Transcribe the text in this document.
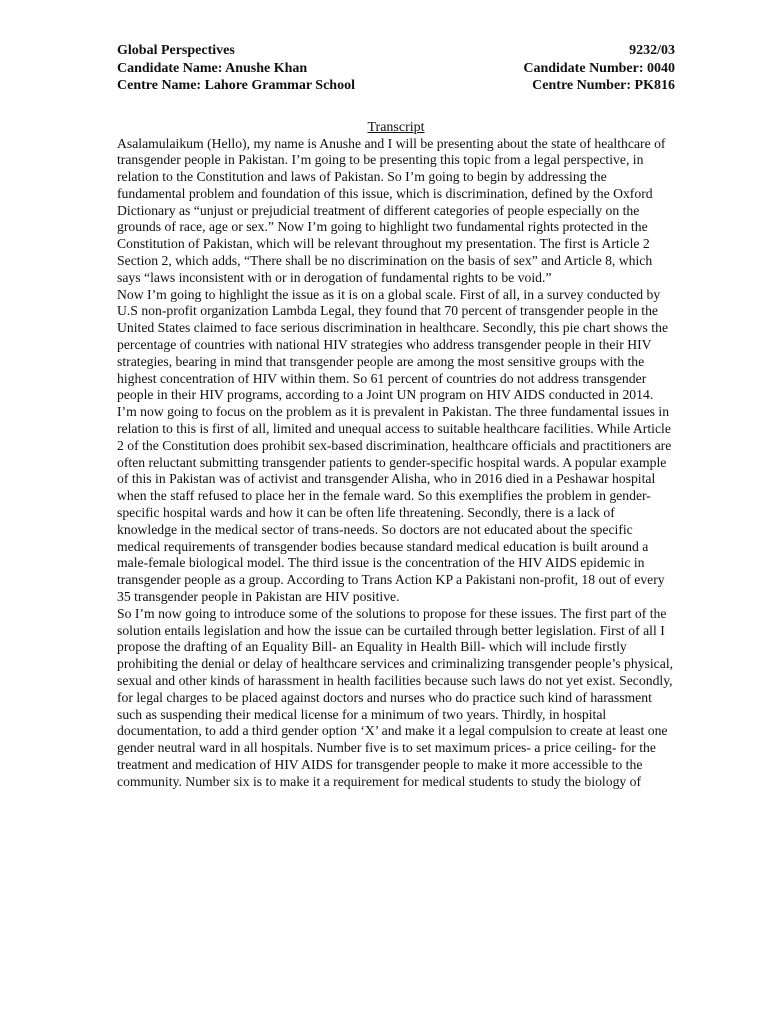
Global Perspectives	9232/03
Candidate Name: Anushe Khan	Candidate Number: 0040
Centre Name: Lahore Grammar School	Centre Number: PK816
Transcript

Asalamulaikum (Hello), my name is Anushe and I will be presenting about the state of healthcare of transgender people in Pakistan. I’m going to be presenting this topic from a legal perspective, in relation to the Constitution and laws of Pakistan. So I’m going to begin by addressing the fundamental problem and foundation of this issue, which is discrimination, defined by the Oxford Dictionary as “unjust or prejudicial treatment of different categories of people especially on the grounds of race, age or sex.” Now I’m going to highlight two fundamental rights protected in the Constitution of Pakistan, which will be relevant throughout my presentation. The first is Article 2 Section 2, which adds, “There shall be no discrimination on the basis of sex” and Article 8, which says “laws inconsistent with or in derogation of fundamental rights to be void.”

Now I’m going to highlight the issue as it is on a global scale. First of all, in a survey conducted by U.S non-profit organization Lambda Legal, they found that 70 percent of transgender people in the United States claimed to face serious discrimination in healthcare. Secondly, this pie chart shows the percentage of countries with national HIV strategies who address transgender people in their HIV strategies, bearing in mind that transgender people are among the most sensitive groups with the highest concentration of HIV within them. So 61 percent of countries do not address transgender people in their HIV programs, according to a Joint UN program on HIV AIDS conducted in 2014.

I’m now going to focus on the problem as it is prevalent in Pakistan. The three fundamental issues in relation to this is first of all, limited and unequal access to suitable healthcare facilities. While Article 2 of the Constitution does prohibit sex-based discrimination, healthcare officials and practitioners are often reluctant submitting transgender patients to gender-specific hospital wards. A popular example of this in Pakistan was of activist and transgender Alisha, who in 2016 died in a Peshawar hospital when the staff refused to place her in the female ward. So this exemplifies the problem in gender-specific hospital wards and how it can be often life threatening. Secondly, there is a lack of knowledge in the medical sector of trans-needs. So doctors are not educated about the specific medical requirements of transgender bodies because standard medical education is built around a male-female biological model. The third issue is the concentration of the HIV AIDS epidemic in transgender people as a group. According to Trans Action KP a Pakistani non-profit, 18 out of every 35 transgender people in Pakistan are HIV positive.

So I’m now going to introduce some of the solutions to propose for these issues. The first part of the solution entails legislation and how the issue can be curtailed through better legislation. First of all I propose the drafting of an Equality Bill- an Equality in Health Bill- which will include firstly prohibiting the denial or delay of healthcare services and criminalizing transgender people’s physical, sexual and other kinds of harassment in health facilities because such laws do not yet exist. Secondly, for legal charges to be placed against doctors and nurses who do practice such kind of harassment such as suspending their medical license for a minimum of two years. Thirdly, in hospital documentation, to add a third gender option ‘X’ and make it a legal compulsion to create at least one gender neutral ward in all hospitals. Number five is to set maximum prices- a price ceiling- for the treatment and medication of HIV AIDS for transgender people to make it more accessible to the community. Number six is to make it a requirement for medical students to study the biology of
